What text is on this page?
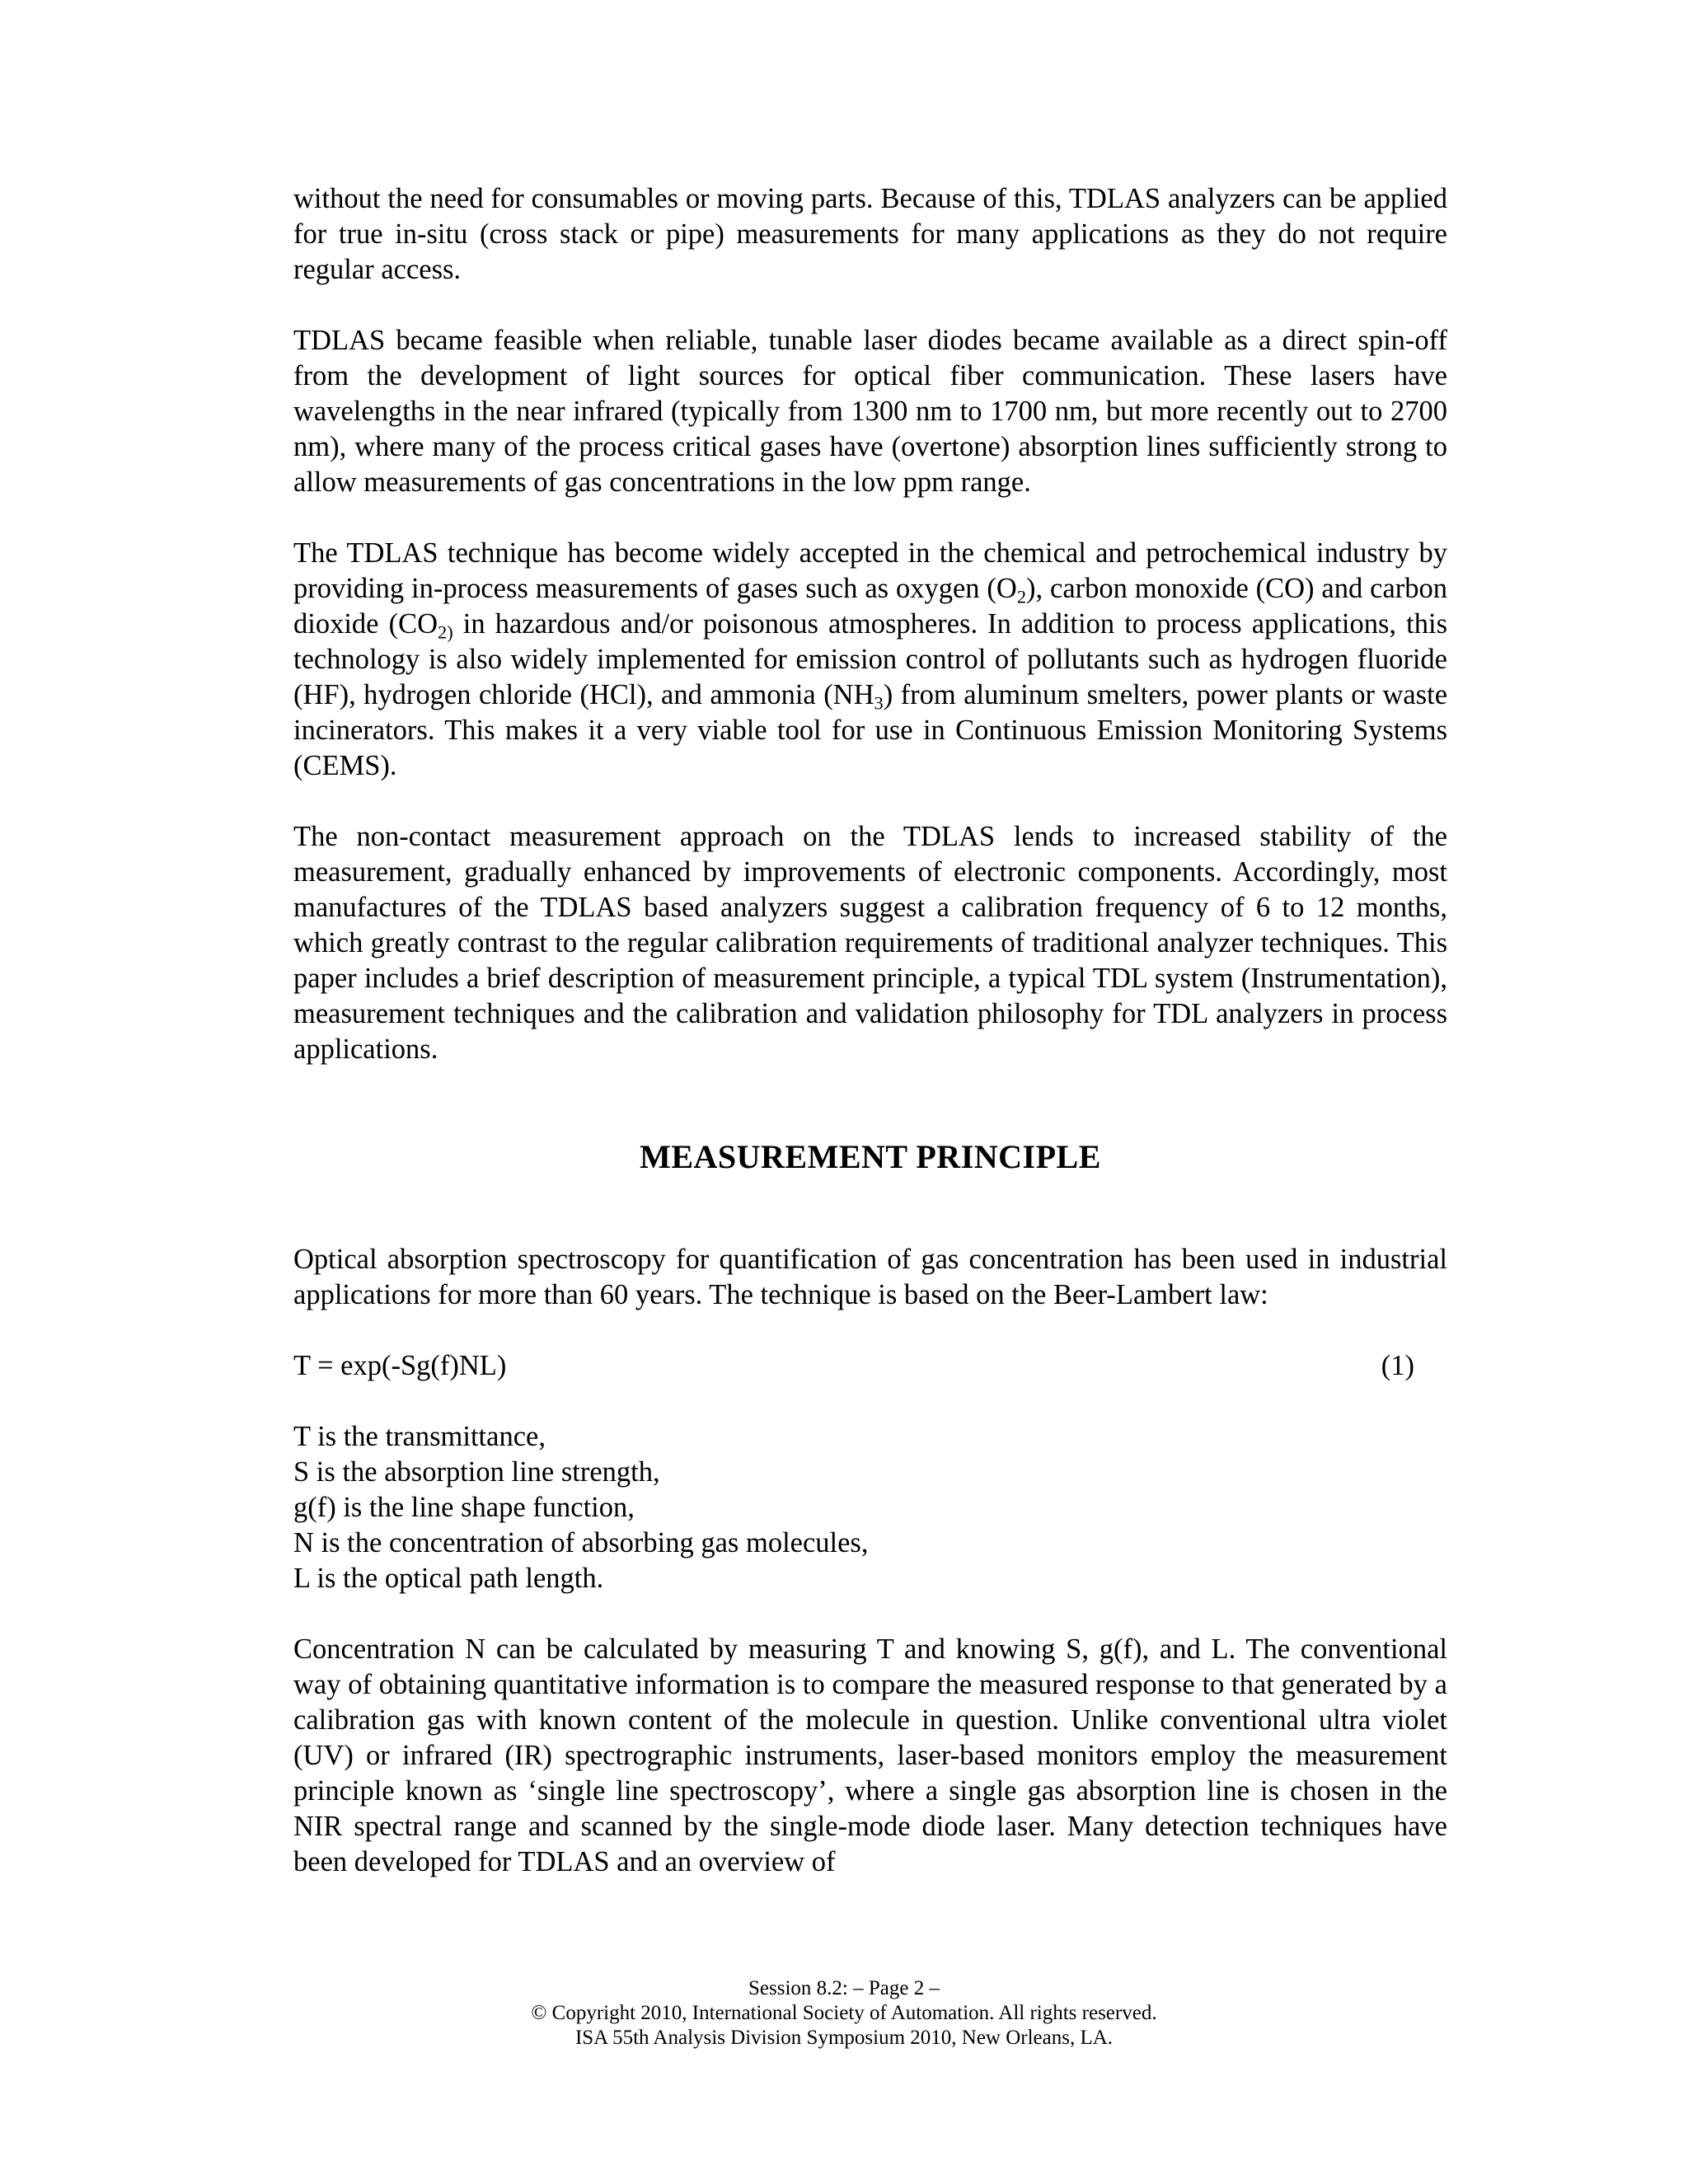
without the need for consumables or moving parts. Because of this, TDLAS analyzers can be applied for true in-situ (cross stack or pipe) measurements for many applications as they do not require regular access.

TDLAS became feasible when reliable, tunable laser diodes became available as a direct spin-off from the development of light sources for optical fiber communication. These lasers have wavelengths in the near infrared (typically from 1300 nm to 1700 nm, but more recently out to 2700 nm), where many of the process critical gases have (overtone) absorption lines sufficiently strong to allow measurements of gas concentrations in the low ppm range.

The TDLAS technique has become widely accepted in the chemical and petrochemical industry by providing in-process measurements of gases such as oxygen $(O_2)$, carbon monoxide (CO) and carbon dioxide ($CO_{2)}$ in hazardous and/or poisonous atmospheres. In addition to process applications, this technology is also widely implemented for emission control of pollutants such as hydrogen fluoride (HF), hydrogen chloride (HCl), and ammonia $(NH_3)$ from aluminum smelters, power plants or waste incinerators. This makes it a very viable tool for use in Continuous Emission Monitoring Systems (CEMS).

The non-contact measurement approach on the TDLAS lends to increased stability of the measurement, gradually enhanced by improvements of electronic components. Accordingly, most manufactures of the TDLAS based analyzers suggest a calibration frequency of 6 to 12 months, which greatly contrast to the regular calibration requirements of traditional analyzer techniques. This paper includes a brief description of measurement principle, a typical TDL system (Instrumentation), measurement techniques and the calibration and validation philosophy for TDL analyzers in process applications.

MEASUREMENT PRINCIPLE

Optical absorption spectroscopy for quantification of gas concentration has been used in industrial applications for more than 60 years. The technique is based on the Beer-Lambert law:

T = exp(-Sg(f)NL)	(1)
T is the transmittance,
S is the absorption line strength,
g(f) is the line shape function,
N is the concentration of absorbing gas molecules,
L is the optical path length.

Concentration N can be calculated by measuring T and knowing S, g(f), and L. The conventional way of obtaining quantitative information is to compare the measured response to that generated by a calibration gas with known content of the molecule in question. Unlike conventional ultra violet (UV) or infrared (IR) spectrographic instruments, laser-based monitors employ the measurement principle known as ‘single line spectroscopy’, where a single gas absorption line is chosen in the NIR spectral range and scanned by the single-mode diode laser. Many detection techniques have been developed for TDLAS and an overview of

Session 8.2: – Page 2 –
© Copyright 2010, International Society of Automation. All rights reserved.
ISA 55th Analysis Division Symposium 2010, New Orleans, LA.
